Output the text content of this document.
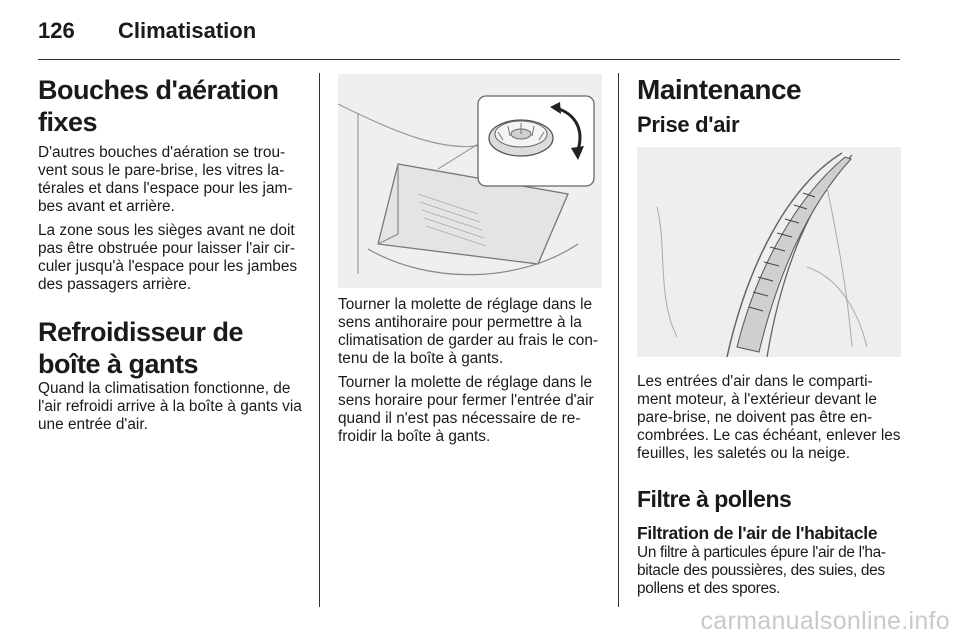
126 Climatisation
Bouches d'aération fixes

D'autres bouches d'aération se trou-vent sous le pare-brise, les vitres la-térales et dans l'espace pour les jam-bes avant et arrière.

La zone sous les sièges avant ne doit pas être obstruée pour laisser l'air cir-culer jusqu'à l'espace pour les jambes des passagers arrière.

Refroidisseur de boîte à gants

Quand la climatisation fonctionne, de l'air refroidi arrive à la boîte à gants via une entrée d'air.

Tourner la molette de réglage dans le sens antihoraire pour permettre à la climatisation de garder au frais le con-tenu de la boîte à gants.

Tourner la molette de réglage dans le sens horaire pour fermer l'entrée d'air quand il n'est pas nécessaire de re-froidir la boîte à gants.

Maintenance
Prise d'air

Les entrées d'air dans le comparti-ment moteur, à l'extérieur devant le pare-brise, ne doivent pas être en-combrées. Le cas échéant, enlever les feuilles, les saletés ou la neige.

Filtre à pollens
Filtration de l'air de l'habitacle

Un filtre à particules épure l'air de l'ha-bitacle des poussières, des suies, des pollens et des spores.

carmanualsonline.info
